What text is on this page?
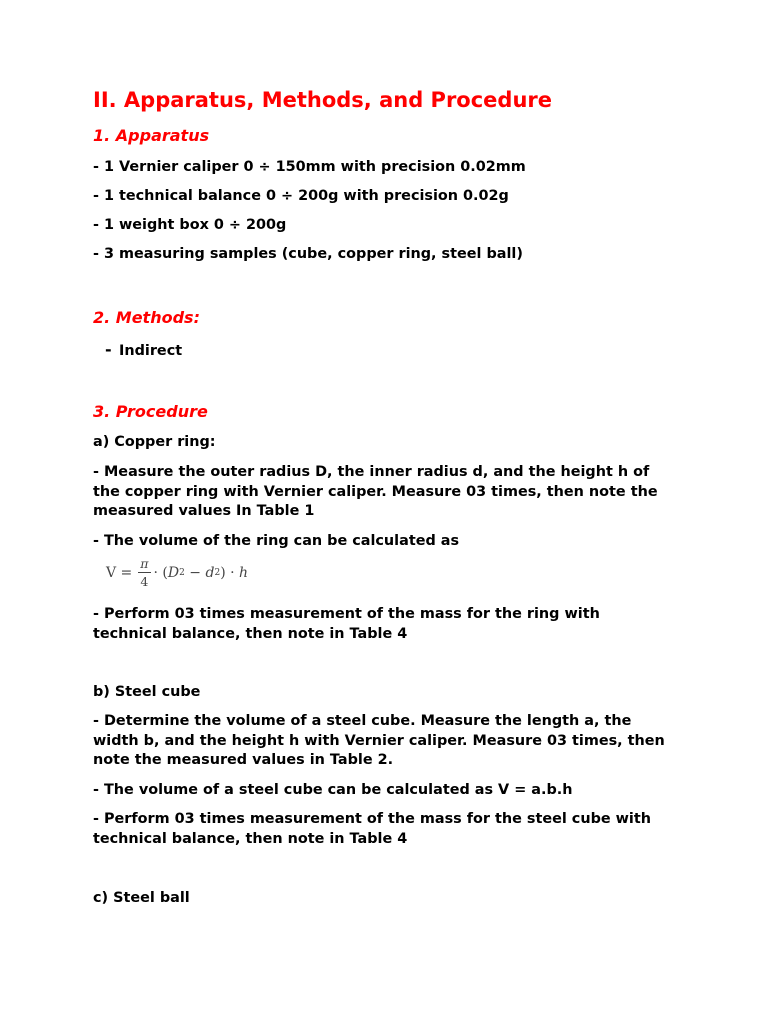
II. Apparatus, Methods, and Procedure
1. Apparatus
- 1 Vernier caliper 0 ÷ 150mm with precision 0.02mm
- 1 technical balance 0 ÷ 200g with precision 0.02g
- 1 weight box 0 ÷ 200g
- 3 measuring samples (cube, copper ring, steel ball)
2. Methods:
- Indirect
3. Procedure
a) Copper ring:
- Measure the outer radius D, the inner radius d, and the height h of the copper ring with Vernier caliper. Measure 03 times, then note the measured values In Table 1
- The volume of the ring can be calculated as
$V = \frac{\pi}{4}$ · ( D 2 − d 2 ) · h
- Perform 03 times measurement of the mass for the ring with technical balance, then note in Table 4
b) Steel cube
- Determine the volume of a steel cube. Measure the length a, the width b, and the height h with Vernier caliper. Measure 03 times, then note the measured values in Table 2.
- The volume of a steel cube can be calculated as V = a.b.h
- Perform 03 times measurement of the mass for the steel cube with technical balance, then note in Table 4
c) Steel ball
